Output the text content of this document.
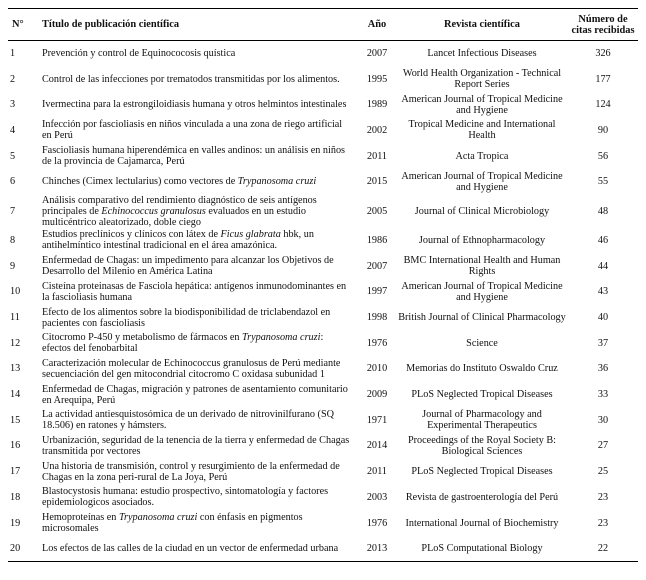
N°	Título de publicación científica	Año	Revista científica	Número de citas recibidas
1	Prevención y control de Equinococosis quística	2007	Lancet Infectious Diseases	326
2	Control de las infecciones por trematodos transmitidas por los alimentos.	1995	World Health Organization - Technical Report Series	177
3	Ivermectina para la estrongiloidiasis humana y otros helmintos intestinales	1989	American Journal of Tropical Medicine and Hygiene	124
4	Infección por fascioliasis en niños vinculada a una zona de riego artificial en Perú	2002	Tropical Medicine and International Health	90
5	Fascioliasis humana hiperendémica en valles andinos: un análisis en niños de la provincia de Cajamarca, Perú	2011	Acta Tropica	56
6	Chinches (Cimex lectularius) como vectores de Trypanosoma cruzi	2015	American Journal of Tropical Medicine and Hygiene	55
7	Análisis comparativo del rendimiento diagnóstico de seis antígenos principales de Echinococcus granulosus evaluados en un estudio multicéntrico aleatorizado, doble ciego	2005	Journal of Clinical Microbiology	48
8	Estudios preclínicos y clínicos con látex de Ficus glabrata hbk, un antihelmíntico intestinal tradicional en el área amazónica.	1986	Journal of Ethnopharmacology	46
9	Enfermedad de Chagas: un impedimento para alcanzar los Objetivos de Desarrollo del Milenio en América Latina	2007	BMC International Health and Human Rights	44
10	Cisteína proteinasas de Fasciola hepática: antígenos inmunodominantes en la fascioliasis humana	1997	American Journal of Tropical Medicine and Hygiene	43
11	Efecto de los alimentos sobre la biodisponibilidad de triclabendazol en pacientes con fascioliasis	1998	British Journal of Clinical Pharmacology	40
12	Citocromo P-450 y metabolismo de fármacos en Trypanosoma cruzi: efectos del fenobarbital	1976	Science	37
13	Caracterización molecular de Echinococcus granulosus de Perú mediante secuenciación del gen mitocondrial citocromo C oxidasa subunidad 1	2010	Memorias do Instituto Oswaldo Cruz	36
14	Enfermedad de Chagas, migración y patrones de asentamiento comunitario en Arequipa, Perú	2009	PLoS Neglected Tropical Diseases	33
15	La actividad antiesquistosómica de un derivado de nitrovinilfurano (SQ 18.506) en ratones y hámsters.	1971	Journal of Pharmacology and Experimental Therapeutics	30
16	Urbanización, seguridad de la tenencia de la tierra y enfermedad de Chagas transmitida por vectores	2014	Proceedings of the Royal Society B: Biological Sciences	27
17	Una historia de transmisión, control y resurgimiento de la enfermedad de Chagas en la zona peri-rural de La Joya, Perú	2011	PLoS Neglected Tropical Diseases	25
18	Blastocystosis humana: estudio prospectivo, sintomatología y factores epidemiologicos asociados.	2003	Revista de gastroenterología del Perú	23
19	Hemoproteínas en Trypanosoma cruzi con énfasis en pigmentos microsomales	1976	International Journal of Biochemistry	23
20	Los efectos de las calles de la ciudad en un vector de enfermedad urbana	2013	PLoS Computational Biology	22
